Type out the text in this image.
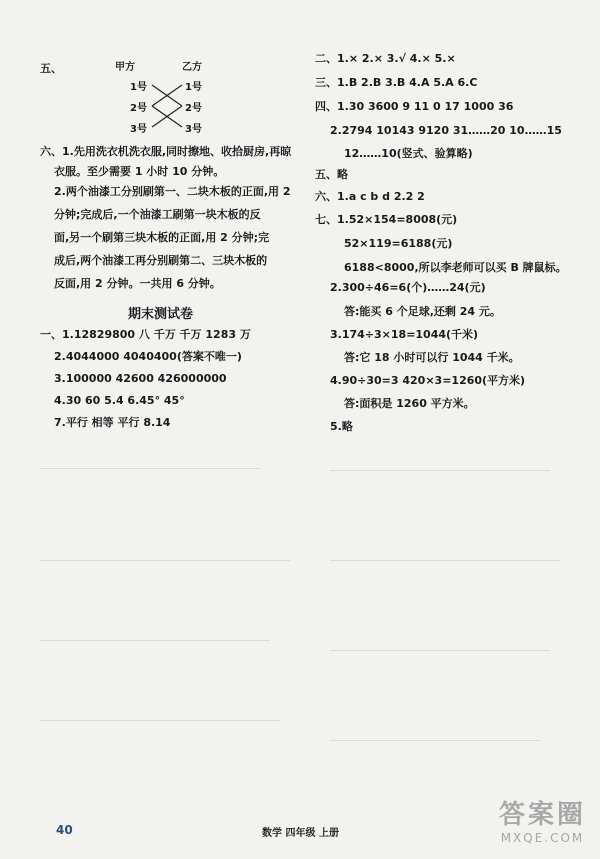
五、	甲方	乙方
1号
2号
3号
1号
2号
3号
六、1.先用洗衣机洗衣服,同时擦地、收拾厨房,再晾
衣服。至少需要 1 小时 10 分钟。
2.两个油漆工分别刷第一、二块木板的正面,用 2
分钟;完成后,一个油漆工刷第一块木板的反
面,另一个刷第三块木板的正面,用 2 分钟;完
成后,两个油漆工再分别刷第二、三块木板的
反面,用 2 分钟。一共用 6 分钟。
期末测试卷
一、1.12829800 八 千万 千万 1283 万
2.4044000 4040400(答案不唯一)
3.100000 42600 426000000
4.30 60 5.4 6.45° 45°
7.平行 相等 平行 8.14
二、1.× 2.× 3.√ 4.× 5.×
三、1.B 2.B 3.B 4.A 5.A 6.C
四、1.30 3600 9 11 0 17 1000 36
2.2794 10143 9120 31……20 10……15
12……10(竖式、验算略)
五、略
六、1.a c b d 2.2 2
七、1.52×154=8008(元)
52×119=6188(元)
6188<8000,所以李老师可以买 B 牌鼠标。
2.300÷46=6(个)……24(元)
答:能买 6 个足球,还剩 24 元。
3.174÷3×18=1044(千米)
答:它 18 小时可以行 1044 千米。
4.90÷30=3 420×3=1260(平方米)
答:面积是 1260 平方米。
5.略
40	数学 四年级 上册
答案圈
MXQE.COM
